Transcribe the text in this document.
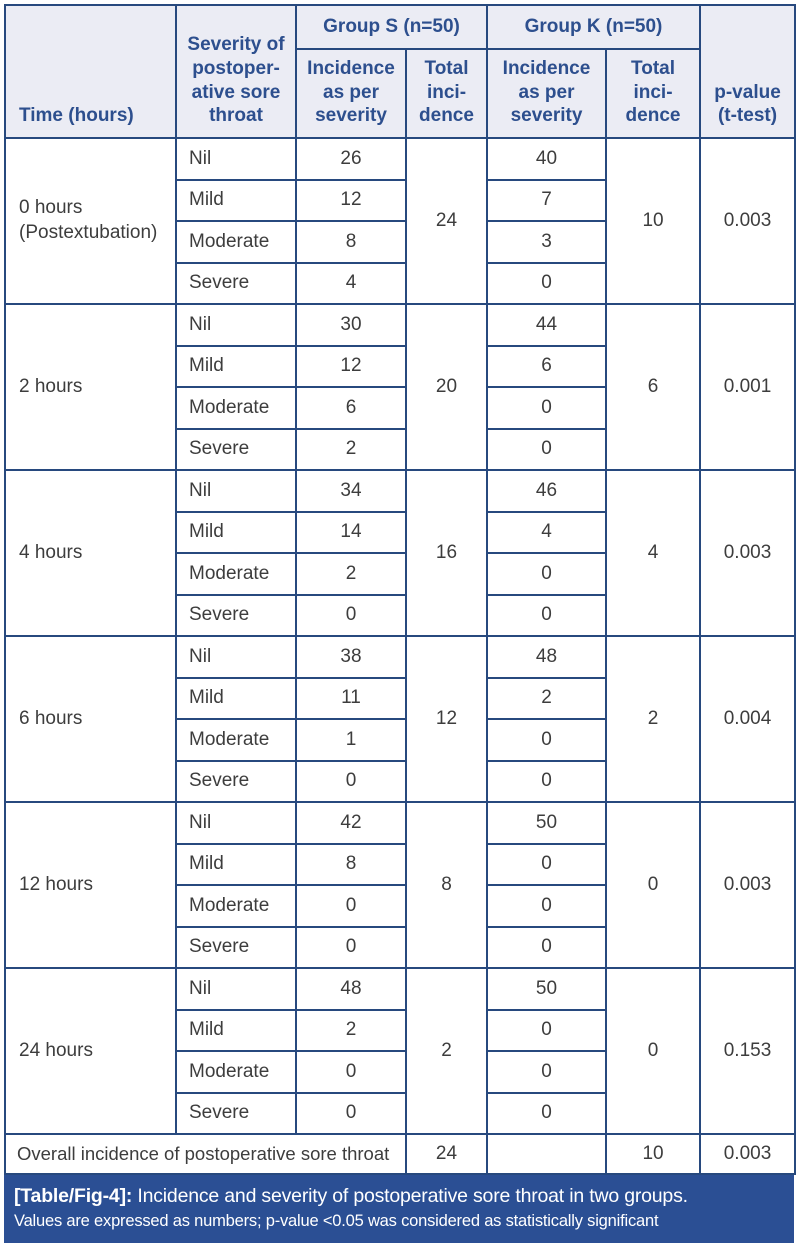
Time (hours)	Severity of postoperative sore throat	Group S (n=50)		Group K (n=50)		p-value (t-test)
		Incidence as per severity	Total incidence	Incidence as per severity	Total incidence	
0 hours (Postextubation)	Nil	26	24	40	10	0.003
	Mild	12		7		
	Moderate	8		3		
	Severe	4		0		
2 hours	Nil	30	20	44	6	0.001
	Mild	12		6		
	Moderate	6		0		
	Severe	2		0		
4 hours	Nil	34	16	46	4	0.003
	Mild	14		4		
	Moderate	2		0		
	Severe	0		0		
6 hours	Nil	38	12	48	2	0.004
	Mild	11		2		
	Moderate	1		0		
	Severe	0		0		
12 hours	Nil	42	8	50	0	0.003
	Mild	8		0		
	Moderate	0		0		
	Severe	0		0		
24 hours	Nil	48	2	50	0	0.153
	Mild	2		0		
	Moderate	0		0		
	Severe	0		0		
Overall incidence of postoperative sore throat			24		10	0.003
[Table/Fig-4]: Incidence and severity of postoperative sore throat in two groups.
Values are expressed as numbers; p-value <0.05 was considered as statistically significant
